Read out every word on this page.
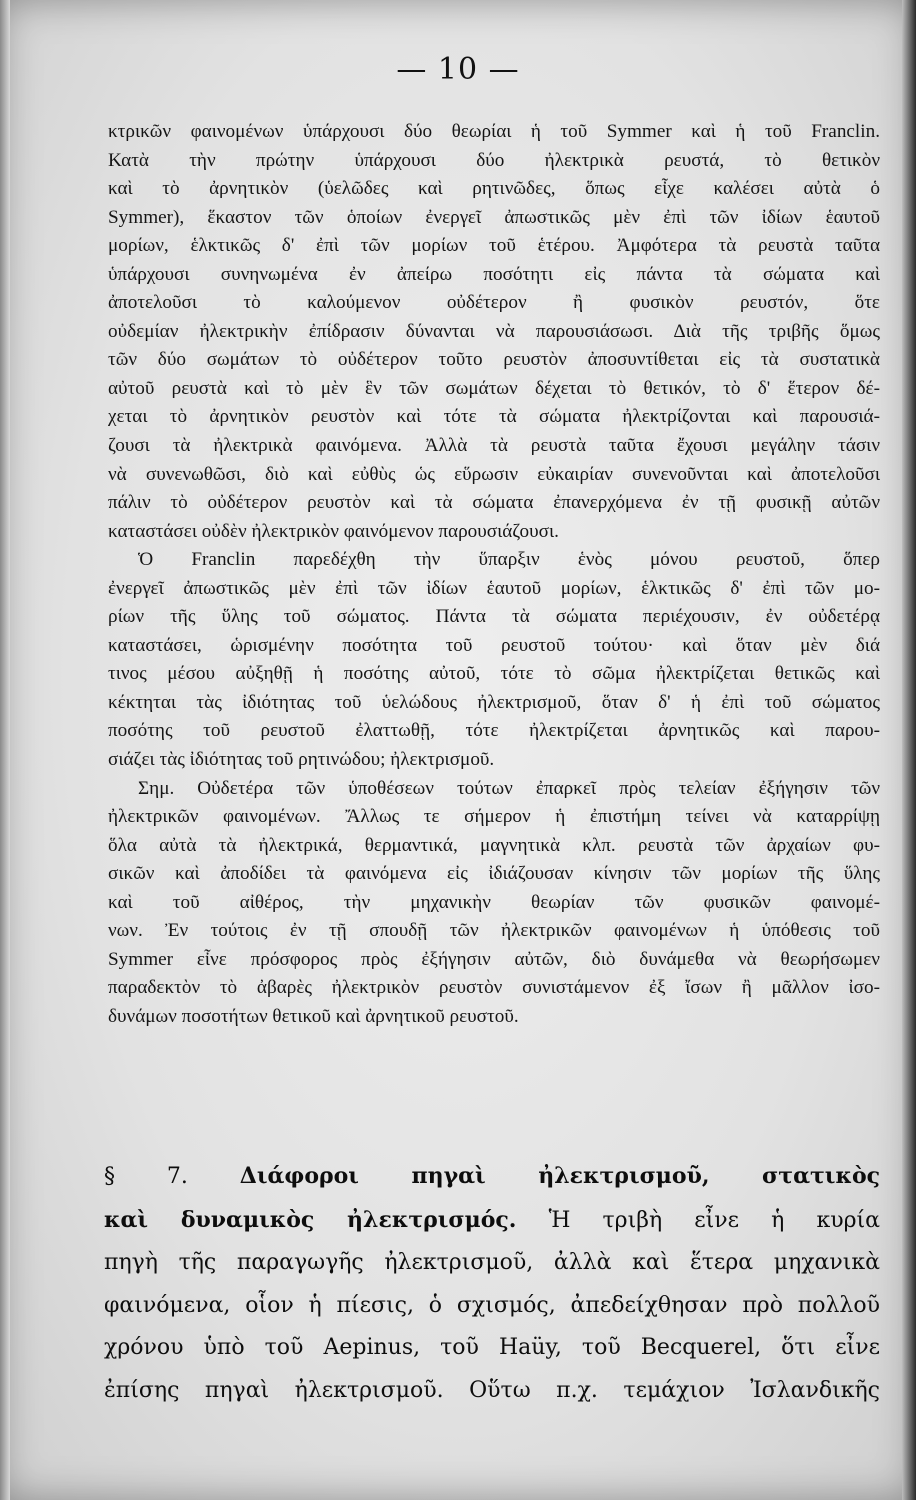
— 10 —
κτρικῶν φαινομένων ὑπάρχουσι δύο θεωρίαι ἡ τοῦ Symmer καὶ ἡ τοῦ Franclin.
Κατὰ τὴν πρώτην ὑπάρχουσι δύο ἠλεκτρικὰ ρευστά, τὸ θετικὸν
καὶ τὸ ἀρνητικὸν (ὑελῶδες καὶ ρητινῶδες, ὅπως εἶχε καλέσει αὐτὰ ὁ
Symmer), ἕκαστον τῶν ὁποίων ἐνεργεῖ ἀπωστικῶς μὲν ἐπὶ τῶν ἰδίων ἑαυτοῦ
μορίων, ἑλκτικῶς δ' ἐπὶ τῶν μορίων τοῦ ἑτέρου. Ἀμφότερα τὰ ρευστὰ ταῦτα
ὑπάρχουσι συνηνωμένα ἐν ἀπείρω ποσότητι εἰς πάντα τὰ σώματα καὶ
ἀποτελοῦσι τὸ καλούμενον οὐδέτερον ἢ φυσικὸν ρευστόν, ὅτε
οὐδεμίαν ἠλεκτρικὴν ἐπίδρασιν δύνανται νὰ παρουσιάσωσι. Διὰ τῆς τριβῆς ὅμως
τῶν δύο σωμάτων τὸ οὐδέτερον τοῦτο ρευστὸν ἀποσυντίθεται εἰς τὰ συστατικὰ
αὐτοῦ ρευστὰ καὶ τὸ μὲν ἓν τῶν σωμάτων δέχεται τὸ θετικόν, τὸ δ' ἕτερον δέ-
χεται τὸ ἀρνητικὸν ρευστὸν καὶ τότε τὰ σώματα ἠλεκτρίζονται καὶ παρουσιά-
ζουσι τὰ ἠλεκτρικὰ φαινόμενα. Ἀλλὰ τὰ ρευστὰ ταῦτα ἔχουσι μεγάλην τάσιν
νὰ συνενωθῶσι, διὸ καὶ εὐθὺς ὡς εὕρωσιν εὐκαιρίαν συνενοῦνται καὶ ἀποτελοῦσι
πάλιν τὸ οὐδέτερον ρευστὸν καὶ τὰ σώματα ἐπανερχόμενα ἐν τῇ φυσικῇ αὐτῶν
καταστάσει οὐδὲν ἠλεκτρικὸν φαινόμενον παρουσιάζουσι.
Ὁ Franclin παρεδέχθη τὴν ὕπαρξιν ἑνὸς μόνου ρευστοῦ, ὅπερ
ἐνεργεῖ ἀπωστικῶς μὲν ἐπὶ τῶν ἰδίων ἑαυτοῦ μορίων, ἑλκτικῶς δ' ἐπὶ τῶν μο-
ρίων τῆς ὕλης τοῦ σώματος. Πάντα τὰ σώματα περιέχουσιν, ἐν οὐδετέρᾳ
καταστάσει, ὡρισμένην ποσότητα τοῦ ρευστοῦ τούτου· καὶ ὅταν μὲν διά
τινος μέσου αὐξηθῇ ἡ ποσότης αὐτοῦ, τότε τὸ σῶμα ἠλεκτρίζεται θετικῶς καὶ
κέκτηται τὰς ἰδιότητας τοῦ ὑελώδους ἠλεκτρισμοῦ, ὅταν δ' ἡ ἐπὶ τοῦ σώματος
ποσότης τοῦ ρευστοῦ ἐλαττωθῇ, τότε ἠλεκτρίζεται ἀρνητικῶς καὶ παρου-
σιάζει τὰς ἰδιότητας τοῦ ρητινώδου; ἠλεκτρισμοῦ.
Σημ. Οὐδετέρα τῶν ὑποθέσεων τούτων ἐπαρκεῖ πρὸς τελείαν ἐξήγησιν τῶν
ἠλεκτρικῶν φαινομένων. Ἄλλως τε σήμερον ἡ ἐπιστήμη τείνει νὰ καταρρίψῃ
ὅλα αὐτὰ τὰ ἠλεκτρικά, θερμαντικά, μαγνητικὰ κλπ. ρευστὰ τῶν ἀρχαίων φυ-
σικῶν καὶ ἀποδίδει τὰ φαινόμενα εἰς ἰδιάζουσαν κίνησιν τῶν μορίων τῆς ὕλης
καὶ τοῦ αἰθέρος, τὴν μηχανικὴν θεωρίαν τῶν φυσικῶν φαινομέ-
νων. Ἐν τούτοις ἐν τῇ σπουδῇ τῶν ἠλεκτρικῶν φαινομένων ἡ ὑπόθεσις τοῦ
Symmer εἶνε πρόσφορος πρὸς ἐξήγησιν αὐτῶν, διὸ δυνάμεθα νὰ θεωρήσωμεν
παραδεκτὸν τὸ ἀβαρὲς ἠλεκτρικὸν ρευστὸν συνιστάμενον ἐξ ἴσων ἢ μᾶλλον ἰσο-
δυνάμων ποσοτήτων θετικοῦ καὶ ἀρνητικοῦ ρευστοῦ.
§ 7. Διάφοροι πηγαὶ ἠλεκτρισμοῦ, στατικὸς
καὶ δυναμικὸς ἠλεκτρισμός. Ἡ τριβὴ εἶνε ἡ κυρία
πηγὴ τῆς παραγωγῆς ἠλεκτρισμοῦ, ἀλλὰ καὶ ἕτερα μηχανικὰ
φαινόμενα, οἷον ἡ πίεσις, ὁ σχισμός, ἀπεδείχθησαν πρὸ πολλοῦ
χρόνου ὑπὸ τοῦ Aepinus, τοῦ Haüy, τοῦ Becquerel, ὅτι εἶνε
ἐπίσης πηγαὶ ἠλεκτρισμοῦ. Οὕτω π.χ. τεμάχιον Ἰσλανδικῆς
